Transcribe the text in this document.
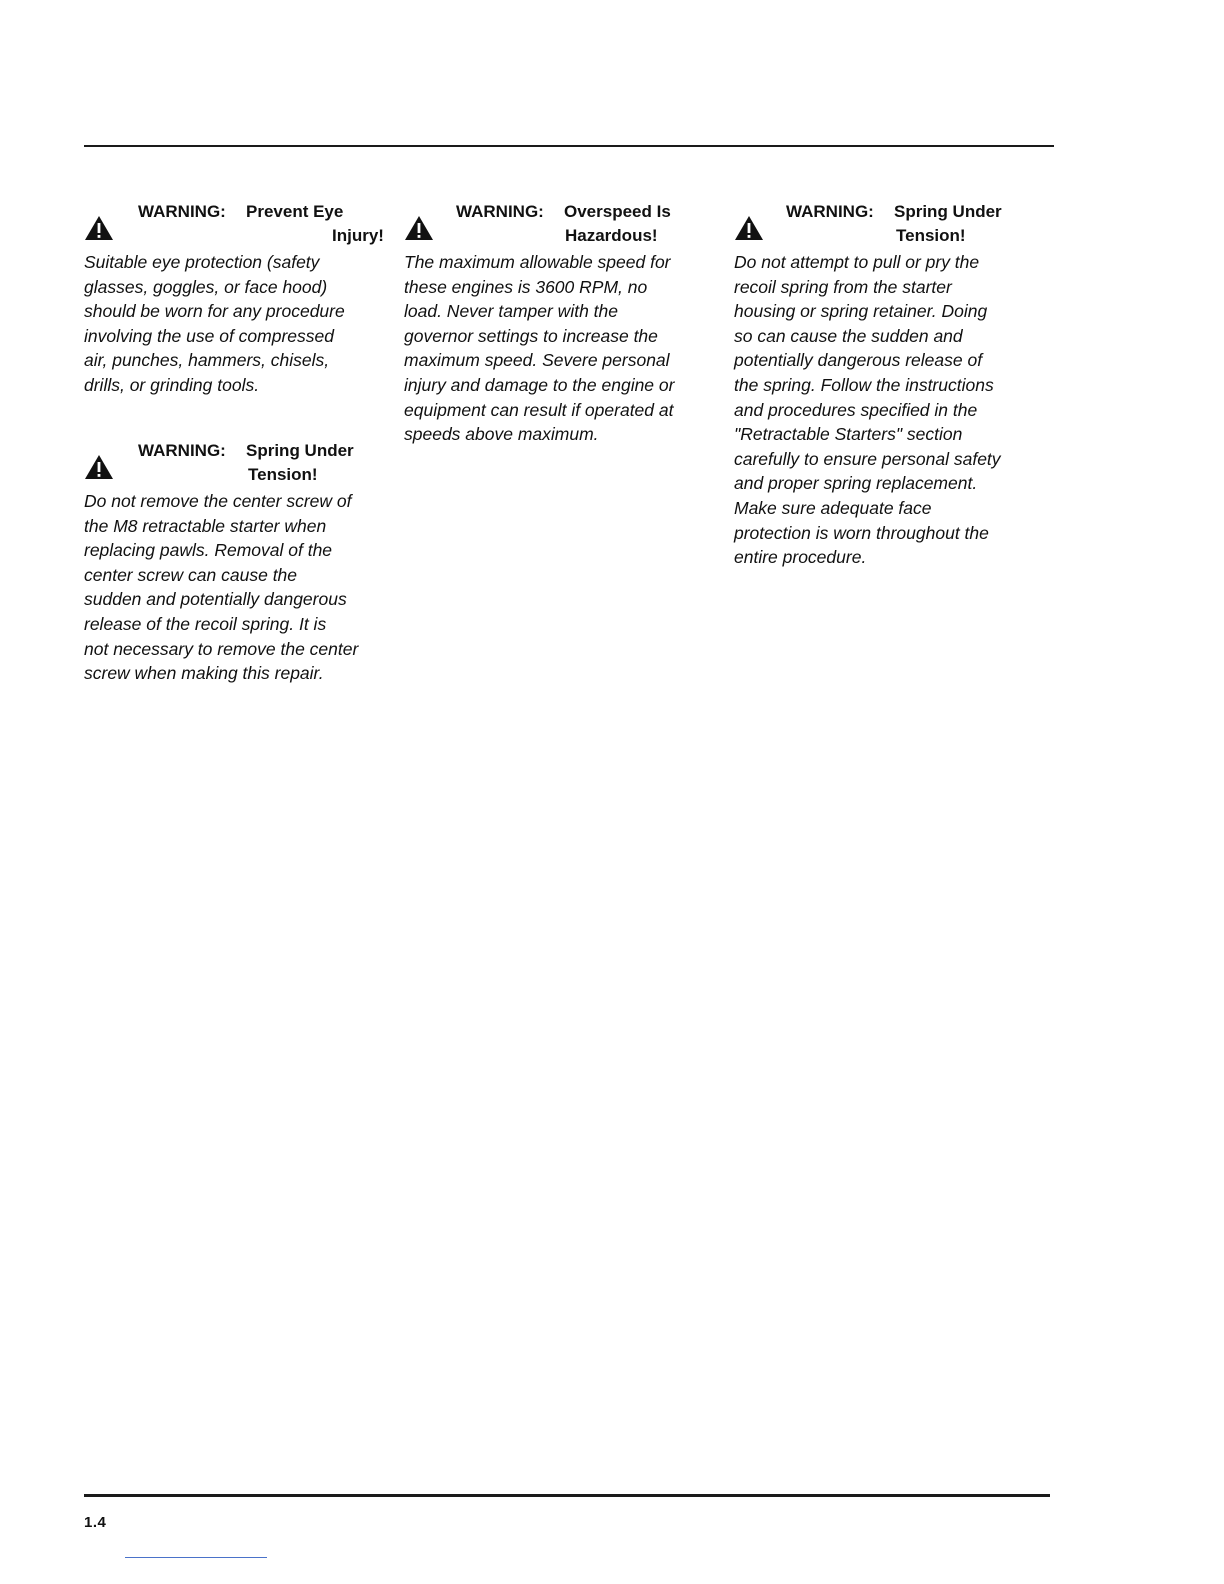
WARNING: Prevent Eye
Injury!

Suitable eye protection (safety
glasses, goggles, or face hood)
should be worn for any procedure
involving the use of compressed
air, punches, hammers, chisels,
drills, or grinding tools.

WARNING: Spring Under
Tension!

Do not remove the center screw of
the M8 retractable starter when
replacing pawls. Removal of the
center screw can cause the
sudden and potentially dangerous
release of the recoil spring. It is
not necessary to remove the center
screw when making this repair.

WARNING: Overspeed Is
Hazardous!

The maximum allowable speed for
these engines is 3600 RPM, no
load. Never tamper with the
governor settings to increase the
maximum speed. Severe personal
injury and damage to the engine or
equipment can result if operated at
speeds above maximum.

WARNING: Spring Under
Tension!

Do not attempt to pull or pry the
recoil spring from the starter
housing or spring retainer. Doing
so can cause the sudden and
potentially dangerous release of
the spring. Follow the instructions
and procedures specified in the
"Retractable Starters" section
carefully to ensure personal safety
and proper spring replacement.
Make sure adequate face
protection is worn throughout the
entire procedure.

1.4
